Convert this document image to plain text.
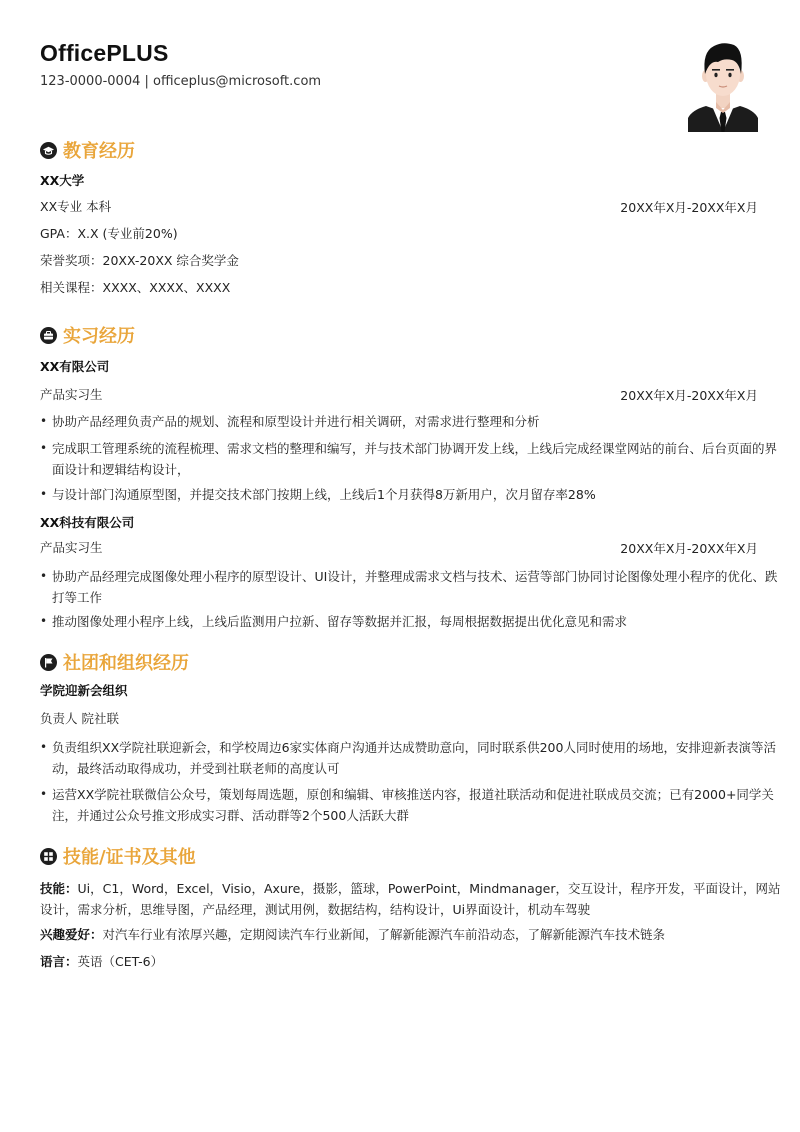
OfficePLUS
123-0000-0004 | officeplus@microsoft.com
教育经历
XX大学
XX专业 本科	20XX年X月-20XX年X月
GPA：X.X (专业前20%)
荣誉奖项：20XX-20XX 综合奖学金
相关课程：XXXX、XXXX、XXXX
实习经历
XX有限公司
产品实习生	20XX年X月-20XX年X月
• 协助产品经理负责产品的规划、流程和原型设计并进行相关调研，对需求进行整理和分析
• 完成职工管理系统的流程梳理、需求文档的整理和编写，并与技术部门协调开发上线，上线后完成经课堂网站的前台、后台页面的界
面设计和逻辑结构设计，
• 与设计部门沟通原型图，并提交技术部门按期上线，上线后1个月获得8万新用户，次月留存率28%
XX科技有限公司
产品实习生	20XX年X月-20XX年X月
• 协助产品经理完成图像处理小程序的原型设计、UI设计，并整理成需求文档与技术、运营等部门协同讨论图像处理小程序的优化、跌
打等工作
• 推动图像处理小程序上线，上线后监测用户拉新、留存等数据并汇报，每周根据数据提出优化意见和需求
社团和组织经历
学院迎新会组织
负责人 院社联
• 负责组织XX学院社联迎新会，和学校周边6家实体商户沟通并达成赞助意向，同时联系供200人同时使用的场地，安排迎新表演等活
动，最终活动取得成功，并受到社联老师的高度认可
• 运营XX学院社联微信公众号，策划每周选题，原创和编辑、审核推送内容，报道社联活动和促进社联成员交流；已有2000+同学关
注，并通过公众号推文形成实习群、活动群等2个500人活跃大群
技能/证书及其他
技能：Ui，C1，Word，Excel，Visio，Axure，摄影，篮球，PowerPoint，Mindmanager，交互设计，程序开发，平面设计，网站
设计，需求分析，思维导图，产品经理，测试用例，数据结构，结构设计，Ui界面设计，机动车驾驶
兴趣爱好：对汽车行业有浓厚兴趣，定期阅读汽车行业新闻，了解新能源汽车前沿动态，了解新能源汽车技术链条
语言：英语（CET-6）
